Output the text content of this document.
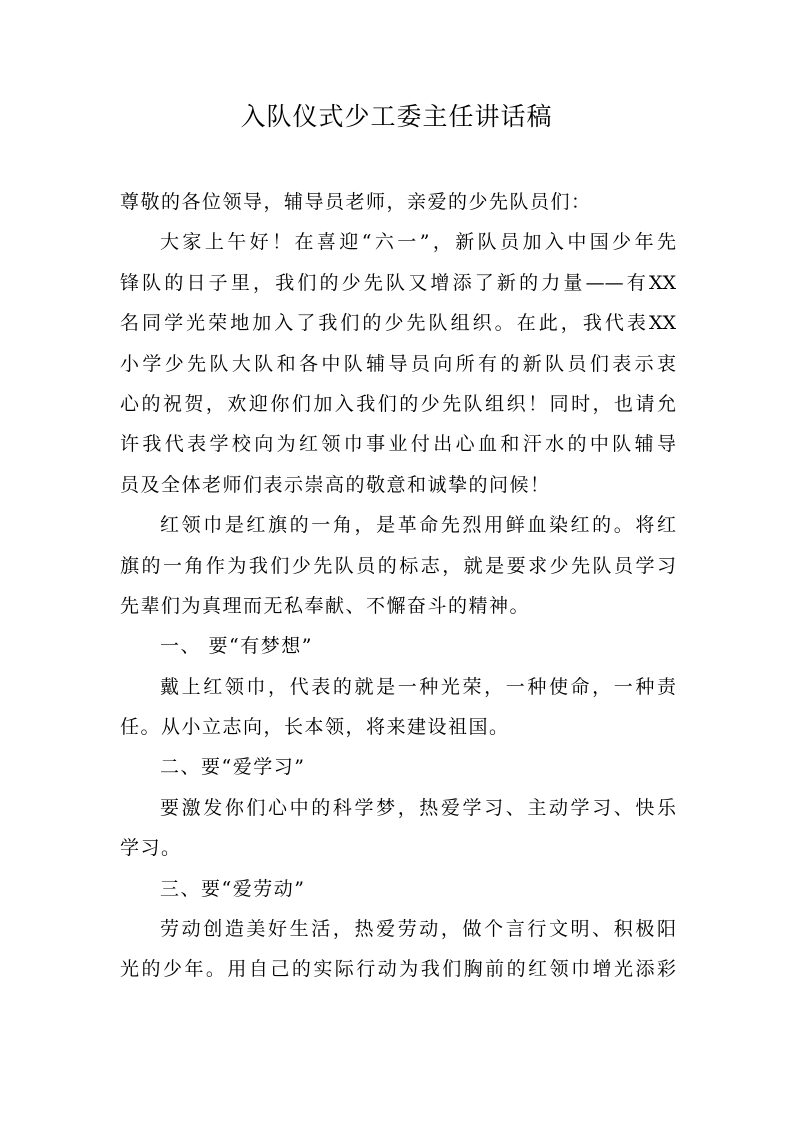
入队仪式少工委主任讲话稿
尊敬的各位领导，辅导员老师，亲爱的少先队员们：
大家上午好！在喜迎“六一”，新队员加入中国少年先
锋队的日子里，我们的少先队又增添了新的力量——有XX
名同学光荣地加入了我们的少先队组织。在此，我代表XX
小学少先队大队和各中队辅导员向所有的新队员们表示衷
心的祝贺，欢迎你们加入我们的少先队组织！同时，也请允
许我代表学校向为红领巾事业付出心血和汗水的中队辅导
员及全体老师们表示崇高的敬意和诚挚的问候！
红领巾是红旗的一角，是革命先烈用鲜血染红的。将红
旗的一角作为我们少先队员的标志，就是要求少先队员学习
先辈们为真理而无私奉献、不懈奋斗的精神。
一、 要“有梦想”
戴上红领巾，代表的就是一种光荣，一种使命，一种责
任。从小立志向，长本领，将来建设祖国。
二、要“爱学习”
要激发你们心中的科学梦，热爱学习、主动学习、快乐
学习。
三、要“爱劳动”
劳动创造美好生活，热爱劳动，做个言行文明、积极阳
光的少年。用自己的实际行动为我们胸前的红领巾增光添彩
